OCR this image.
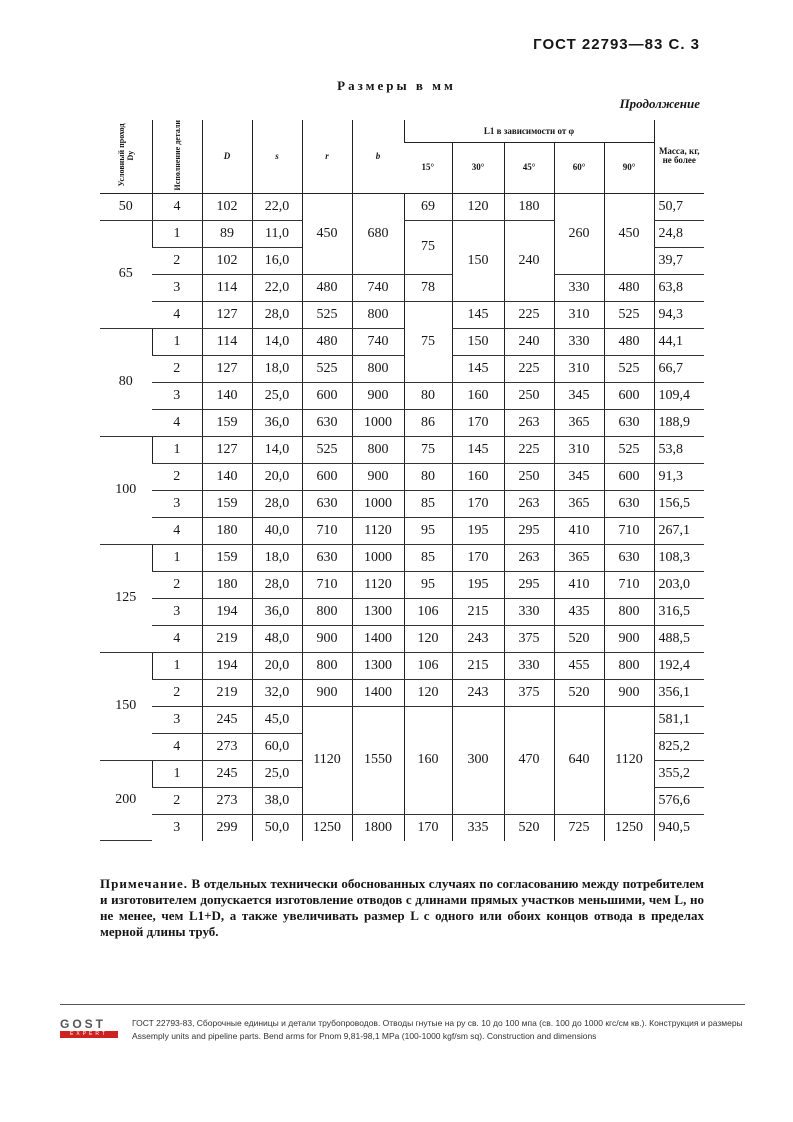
ГОСТ 22793—83 С. 3
Размеры в мм
Продолжение
Условный проход Dу	Исполнение детали	D	s	r	b	L1 в зависимости от φ					Масса, кг, не более
						15°	30°	45°	60°	90°	
50	4	102	22,0	450	680	69	120	180	260	450	50,7
65	1	89	11,0			75	150	240			24,8
	2	102	16,0								39,7
	3	114	22,0	480	740	78			330	480	63,8
	4	127	28,0	525	800	75	145	225	310	525	94,3
80	1	114	14,0	480	740		150	240	330	480	44,1
	2	127	18,0	525	800		145	225	310	525	66,7
	3	140	25,0	600	900	80	160	250	345	600	109,4
	4	159	36,0	630	1000	86	170	263	365	630	188,9
100	1	127	14,0	525	800	75	145	225	310	525	53,8
	2	140	20,0	600	900	80	160	250	345	600	91,3
	3	159	28,0	630	1000	85	170	263	365	630	156,5
	4	180	40,0	710	1120	95	195	295	410	710	267,1
125	1	159	18,0	630	1000	85	170	263	365	630	108,3
	2	180	28,0	710	1120	95	195	295	410	710	203,0
	3	194	36,0	800	1300	106	215	330	435	800	316,5
	4	219	48,0	900	1400	120	243	375	520	900	488,5
150	1	194	20,0	800	1300	106	215	330	455	800	192,4
	2	219	32,0	900	1400	120	243	375	520	900	356,1
	3	245	45,0	1120	1550	160	300	470	640	1120	581,1
	4	273	60,0								825,2
200	1	245	25,0								355,2
	2	273	38,0								576,6
	3	299	50,0	1250	1800	170	335	520	725	1250	940,5
Примечание. В отдельных технически обоснованных случаях по согласованию между потребителем и изготовителем допускается изготовление отводов с длинами прямых участков меньшими, чем L, но не менее, чем L1+D, а также увеличивать размер L с одного или обоих концов отвода в пределах мерной длины труб.
GOST
EXPERT
ГОСТ 22793-83, Сборочные единицы и детали трубопроводов. Отводы гнутые на ру св. 10 до 100 мпа (св. 100 до 1000 кгс/см кв.). Конструкция и размеры
Assemply units and pipeline parts. Bend arms for Pnom 9,81-98,1 MPa (100-1000 kgf/sm sq). Construction and dimensions
